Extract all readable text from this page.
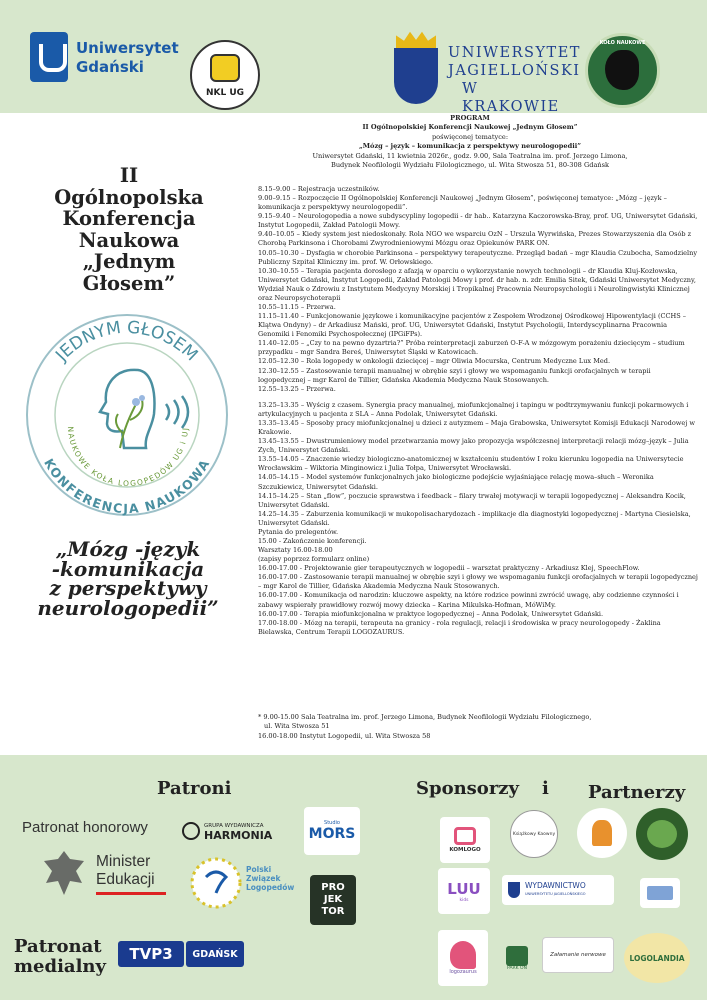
Uniwersytet
Gdański
NKL UG
UNIWERSYTET
JAGIELLOŃSKI
W KRAKOWIE
KOŁO NAUKOWE
PROGRAM
II Ogólnopolskiej Konferencji Naukowej „Jednym Głosem”
poświęconej tematyce:
„Mózg – język – komunikacja z perspektywy neurologopedii”
Uniwersytet Gdański, 11 kwietnia 2026r., godz. 9.00, Sala Teatralna im. prof. Jerzego Limona,
Budynek Neofilologii Wydziału Filologicznego, ul. Wita Stwosza 51, 80-308 Gdańsk
II
Ogólnopolska
Konferencja
Naukowa
„Jednym
Głosem”
JEDNYM GŁOSEM
NAUKOWE KOŁA LOGOPEDÓW UG i UJ
KONFERENCJA NAUKOWA
„Mózg -język
-komunikacja
z perspektywy
neurologopedii”

8.15–9.00 – Rejestracja uczestników.

9.00–9.15 – Rozpoczęcie II Ogólnopolskiej Konferencji Naukowej „Jednym Głosem”, poświęconej tematyce: „Mózg – język – komunikacja z perspektywy neurologopedii”.

9.15–9.40 – Neurologopedia a nowe subdyscypliny logopedii - dr hab.. Katarzyna Kaczorowska-Bray, prof. UG, Uniwersytet Gdański, Instytut Logopedii, Zakład Patologii Mowy.

9.40–10.05 – Kiedy system jest niedoskonały. Rola NGO we wsparciu OzN – Urszula Wyrwińska, Prezes Stowarzyszenia dla Osób z Chorobą Parkinsona i Chorobami Zwyrodnieniowymi Mózgu oraz Opiekunów PARK ON.

10.05–10.30 – Dysfagia w chorobie Parkinsona – perspektywy terapeutyczne. Przegląd badań – mgr Klaudia Czubocha, Samodzielny Publiczny Szpital Kliniczny im. prof. W. Orłowskiego.

10.30–10.55 – Terapia pacjenta dorosłego z afazją w oparciu o wykorzystanie nowych technologii – dr Klaudia Kluj-Kozłowska, Uniwersytet Gdański, Instytut Logopedii, Zakład Patologii Mowy i prof. dr hab. n. zdr. Emilia Sitek, Gdański Uniwersytet Medyczny, Wydział Nauk o Zdrowiu z Instytutem Medycyny Morskiej i Tropikalnej Pracownia Neuropsychologii i Neurolingwistyki Klinicznej oraz Neuropsychoterapii

10.55–11.15 – Przerwa.

11.15–11.40 – Funkcjonowanie językowe i komunikacyjne pacjentów z Zespołem Wrodzonej Ośrodkowej Hipowentylacji (CCHS – Klątwa Ondyny) – dr Arkadiusz Mański, prof. UG, Uniwersytet Gdański, Instytut Psychologii, Interdyscyplinarna Pracownia Genomiki i Fenomiki Psychospołecznej (IPGiFPs).

11.40–12.05 – „Czy to na pewno dyzartria?” Próba reinterpretacji zaburzeń O-F-A w mózgowym porażeniu dziecięcym – studium przypadku – mgr Sandra Bereś, Uniwersytet Śląski w Katowicach.

12.05–12.30 – Rola logopedy w onkologii dziecięcej – mgr Oliwia Mocurska, Centrum Medyczne Lux Med.

12.30–12.55 – Zastosowanie terapii manualnej w obrębie szyi i głowy we wspomaganiu funkcji orofacjalnych w terapii logopedycznej – mgr Karol de Tillier, Gdańska Akademia Medyczna Nauk Stosowanych.

12.55–13.25 – Przerwa.

13.25–13.35 – Wyścig z czasem. Synergia pracy manualnej, miofunkcjonalnej i tapingu w podtrzymywaniu funkcji pokarmowych i artykulacyjnych u pacjenta z SLA – Anna Podolak, Uniwersytet Gdański.

13.35–13.45 – Sposoby pracy miofunkcjonalnej u dzieci z autyzmem – Maja Grabowska, Uniwersytet Komisji Edukacji Narodowej w Krakowie.

13.45–13.55 – Dwustrumieniowy model przetwarzania mowy jako propozycja współczesnej interpretacji relacji mózg–język – Julia Zych, Uniwersytet Gdański.

13.55–14.05 – Znaczenie wiedzy biologiczno-anatomicznej w kształceniu studentów I roku kierunku logopedia na Uniwersytecie Wrocławskim – Wiktoria Minginowicz i Julia Tołpa, Uniwersytet Wrocławski.

14.05–14.15 – Model systemów funkcjonalnych jako biologiczne podejście wyjaśniające relację mowa–słuch – Weronika Szczukiewicz, Uniwersytet Gdański.

14.15–14.25 – Stan „flow”, poczucie sprawstwa i feedback – filary trwałej motywacji w terapii logopedycznej – Aleksandra Kocik, Uniwersytet Gdański.

14.25–14.35 – Zaburzenia komunikacji w mukopolisacharydozach - implikacje dla diagnostyki logopedycznej - Martyna Ciesielska, Uniwersytet Gdański.

Pytania do prelegentów.

15.00 - Zakończenie konferencji.

Warsztaty 16.00-18.00

(zapisy poprzez formularz online)

16.00-17.00 - Projektowanie gier terapeutycznych w logopedii – warsztat praktyczny - Arkadiusz Klej, SpeechFlow.

16.00-17.00 - Zastosowanie terapii manualnej w obrębie szyi i głowy we wspomaganiu funkcji orofacjalnych w terapii logopedycznej – mgr Karol de Tillier, Gdańska Akademia Medyczna Nauk Stosowanych.

16.00-17.00 - Komunikacja od narodzin: kluczowe aspekty, na które rodzice powinni zwrócić uwagę, aby codzienne czynności i zabawy wspierały prawidłowy rozwój mowy dziecka – Karina Mikulska-Hofman, MóWiMy.

16.00-17.00 - Terapia miofunkcjonalna w praktyce logopedycznej – Anna Podolak, Uniwersytet Gdański.

17.00-18.00 - Mózg na terapii, terapeuta na granicy - rola regulacji, relacji i środowiska w pracy neurologopedy - Żaklina Bielawska, Centrum Terapii LOGOZAURUS.

* 9.00-15.00 Sala Teatralna im. prof. Jerzego Limona, Budynek Neofilologii Wydziału Filologicznego,
ul. Wita Stwosza 51
16.00-18.00 Instytut Logopedii, ul. Wita Stwosza 58
Patroni	Sponsorzy i Partnerzy
Patronat honorowy
Minister
Edukacji
GRUPA WYDAWNICZA
HARMONIA
Studio
MORS
Polski
Związek
Logopedów	PRO
JEK
TOR
Patronat
medialny
TVP3 GDAŃSK
KOMLOGO
Książkowy Kaowny
LUU
kids
WYDAWNICTWO
UNIWERSYTETU JAGIELLOŃSKIEGO
logozaurus
PARK ON
Załamanie nerwowe	LOGOLANDIA
